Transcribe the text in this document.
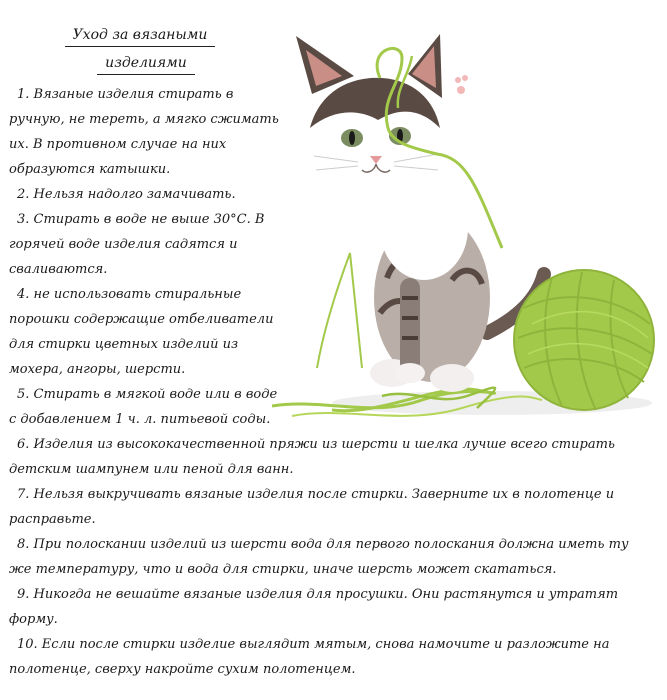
Уход за вязаными
изделиями
1. Вязаные изделия стирать в
ручную, не тереть, а мягко сжимать
их. В противном случае на них
образуются катышки.
2. Нельзя надолго замачивать.
3. Стирать в воде не выше 30°С. В
горячей воде изделия садятся и
сваливаются.
4. не использовать стиральные
порошки содержащие отбеливатели
для стирки цветных изделий из
мохера, ангоры, шерсти.
5. Стирать в мягкой воде или в воде
с добавлением 1 ч. л. питьевой соды.
6. Изделия из высококачественной пряжи из шерсти и шелка лучше всего стирать
детским шампунем или пеной для ванн.
7. Нельзя выкручивать вязаные изделия после стирки. Заверните их в полотенце и
расправьте.
8. При полоскании изделий из шерсти вода для первого полоскания должна иметь ту
же температуру, что и вода для стирки, иначе шерсть может скататься.
9. Никогда не вешайте вязаные изделия для просушки. Они растянутся и утратят
форму.
10. Если после стирки изделие выглядит мятым, снова намочите и разложите на
полотенце, сверху накройте сухим полотенцем.
